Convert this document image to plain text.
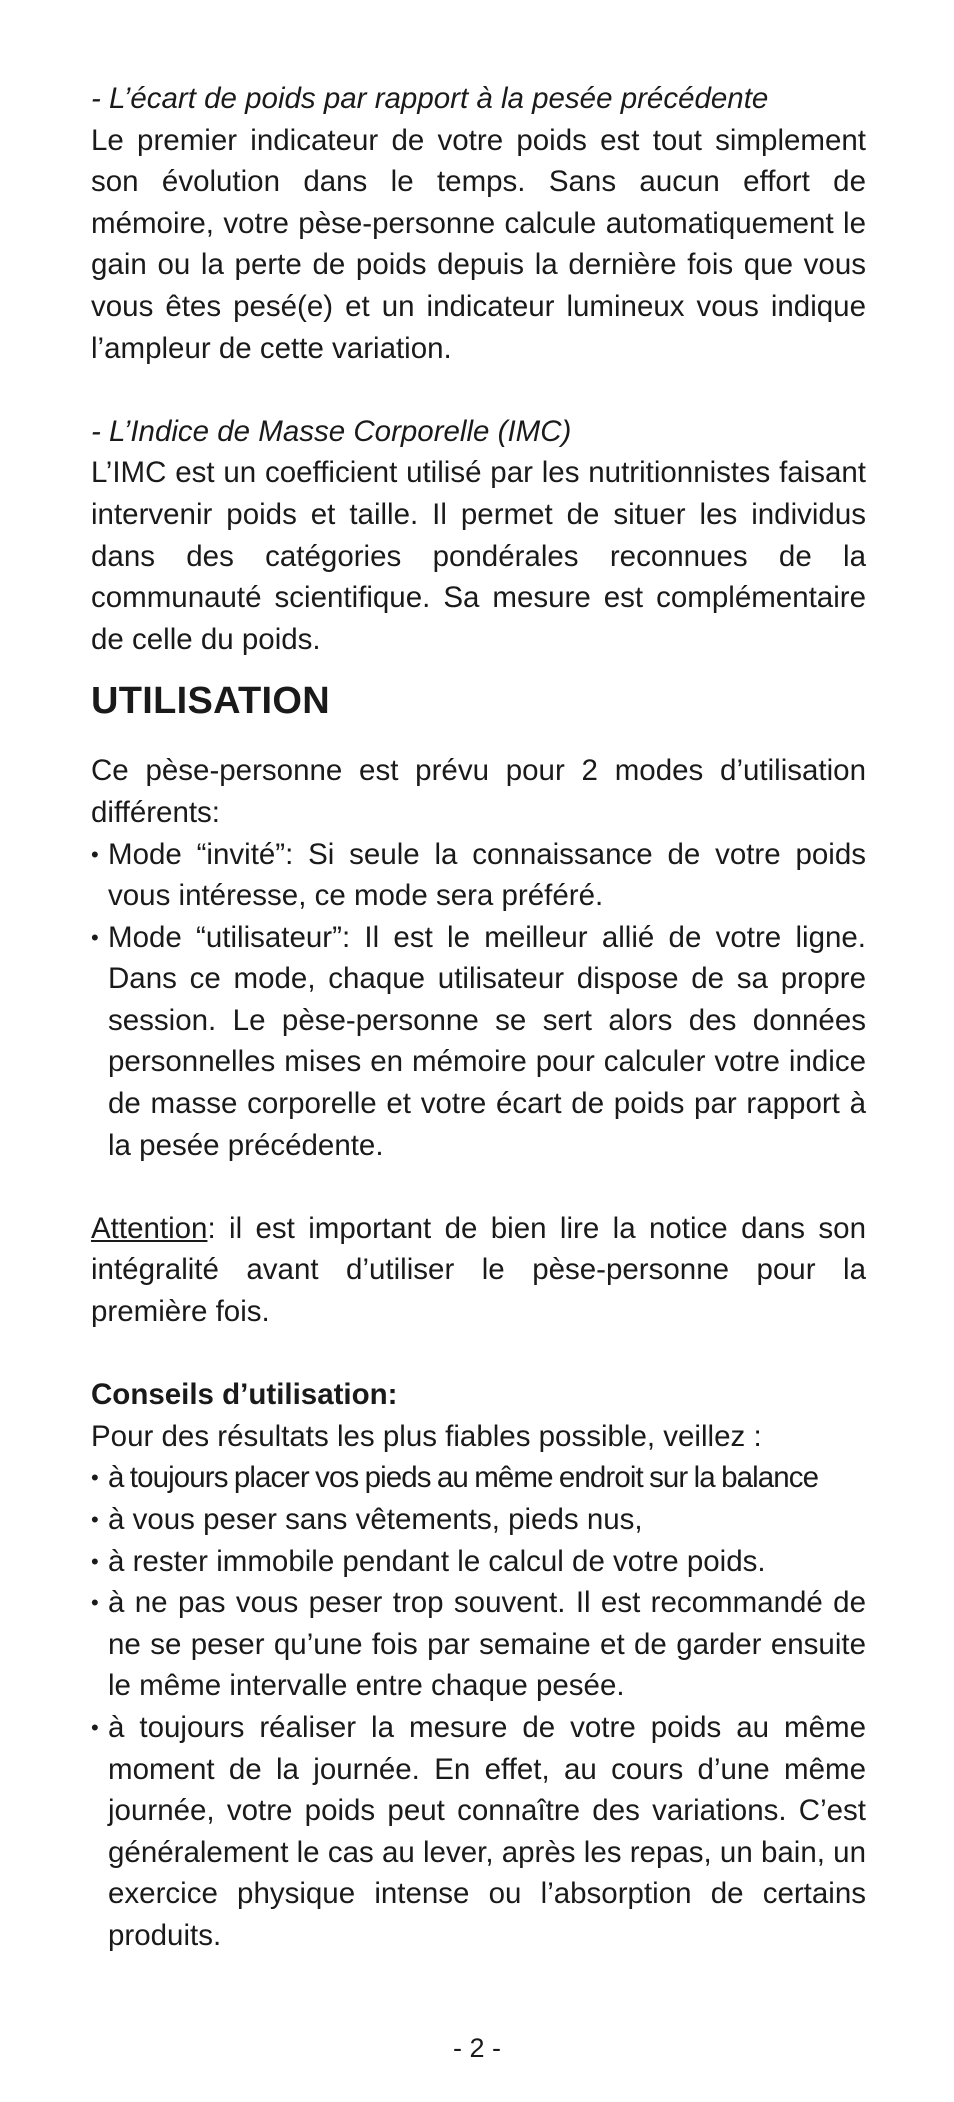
- L’écart de poids par rapport à la pesée précédente

Le premier indicateur de votre poids est tout simplement son évolution dans le temps. Sans aucun effort de mémoire, votre pèse-personne calcule automatiquement le gain ou la perte de poids depuis la dernière fois que vous vous êtes pesé(e) et un indicateur lumineux vous indique l’ampleur de cette variation.

- L’Indice de Masse Corporelle (IMC)

L’IMC est un coefficient utilisé par les nutritionnistes faisant intervenir poids et taille. Il permet de situer les individus dans des catégories pondérales reconnues de la communauté scientifique. Sa mesure est complémentaire de celle du poids.

UTILISATION

Ce pèse-personne est prévu pour 2 modes d’utilisation différents:

• Mode “invité”: Si seule la connaissance de votre poids vous intéresse, ce mode sera préféré.
• Mode “utilisateur”: Il est le meilleur allié de votre ligne. Dans ce mode, chaque utilisateur dispose de sa propre session. Le pèse-personne se sert alors des données personnelles mises en mémoire pour calculer votre indice de masse corporelle et votre écart de poids par rapport à la pesée précédente.

Attention: il est important de bien lire la notice dans son intégralité avant d’utiliser le pèse-personne pour la première fois.

Conseils d’utilisation:

Pour des résultats les plus fiables possible, veillez :

• à toujours placer vos pieds au même endroit sur la balance
• à vous peser sans vêtements, pieds nus,
• à rester immobile pendant le calcul de votre poids.
• à ne pas vous peser trop souvent. Il est recommandé de ne se peser qu’une fois par semaine et de garder ensuite le même intervalle entre chaque pesée.
• à toujours réaliser la mesure de votre poids au même moment de la journée. En effet, au cours d’une même journée, votre poids peut connaître des variations. C’est généralement le cas au lever, après les repas, un bain, un exercice physique intense ou l’absorption de certains produits.
- 2 -
